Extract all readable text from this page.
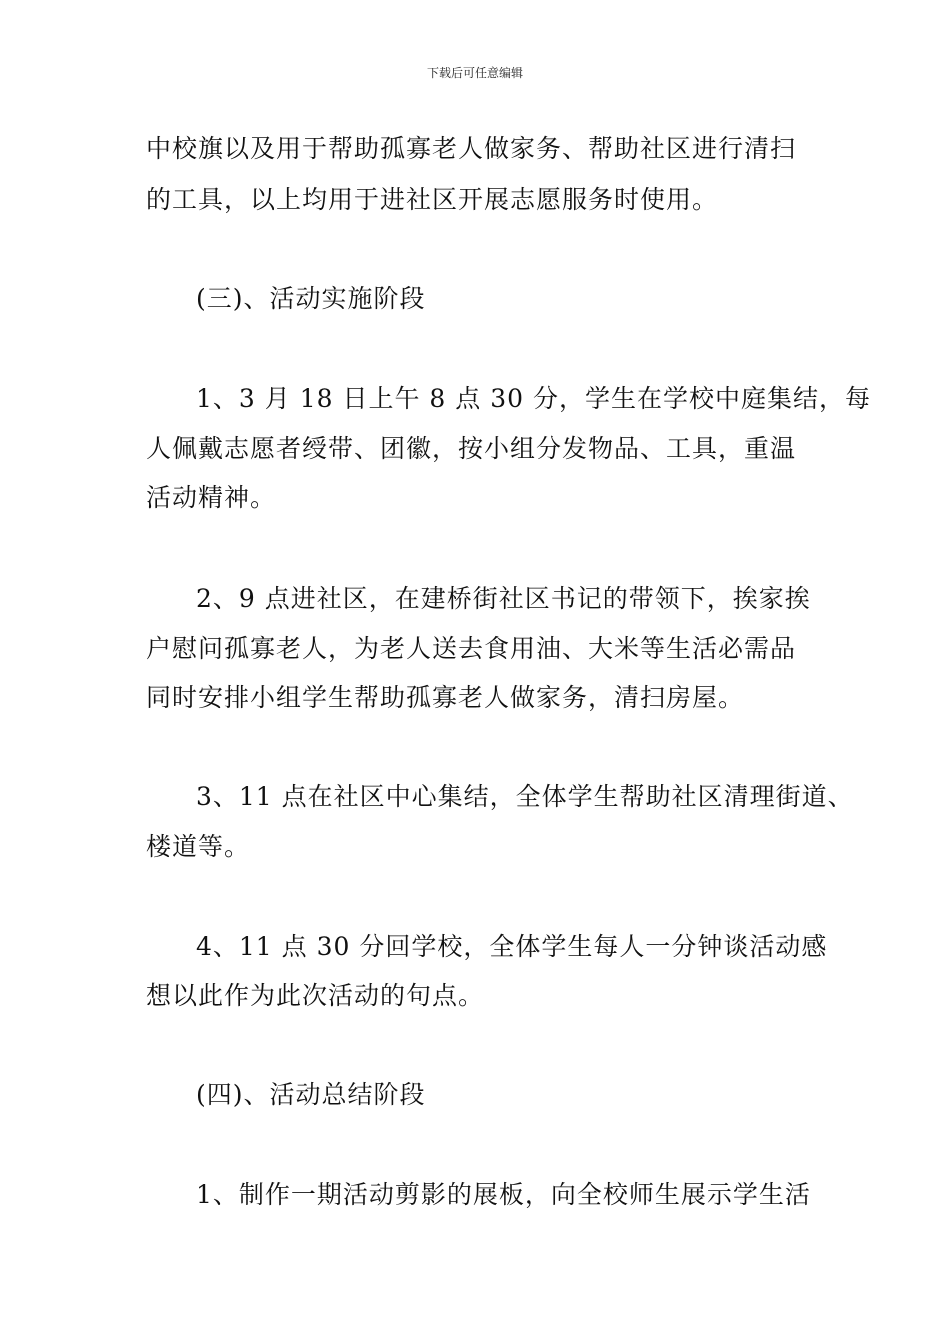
下载后可任意编辑
中校旗以及用于帮助孤寡老人做家务、帮助社区进行清扫
的工具，以上均用于进社区开展志愿服务时使用。
(三)、活动实施阶段
1、3 月 18 日上午 8 点 30 分，学生在学校中庭集结，每
人佩戴志愿者绶带、团徽，按小组分发物品、工具，重温
活动精神。
2、9 点进社区，在建桥街社区书记的带领下，挨家挨
户慰问孤寡老人，为老人送去食用油、大米等生活必需品
同时安排小组学生帮助孤寡老人做家务，清扫房屋。
3、11 点在社区中心集结，全体学生帮助社区清理街道、
楼道等。
4、11 点 30 分回学校，全体学生每人一分钟谈活动感
想以此作为此次活动的句点。
(四)、活动总结阶段
1、制作一期活动剪影的展板，向全校师生展示学生活
